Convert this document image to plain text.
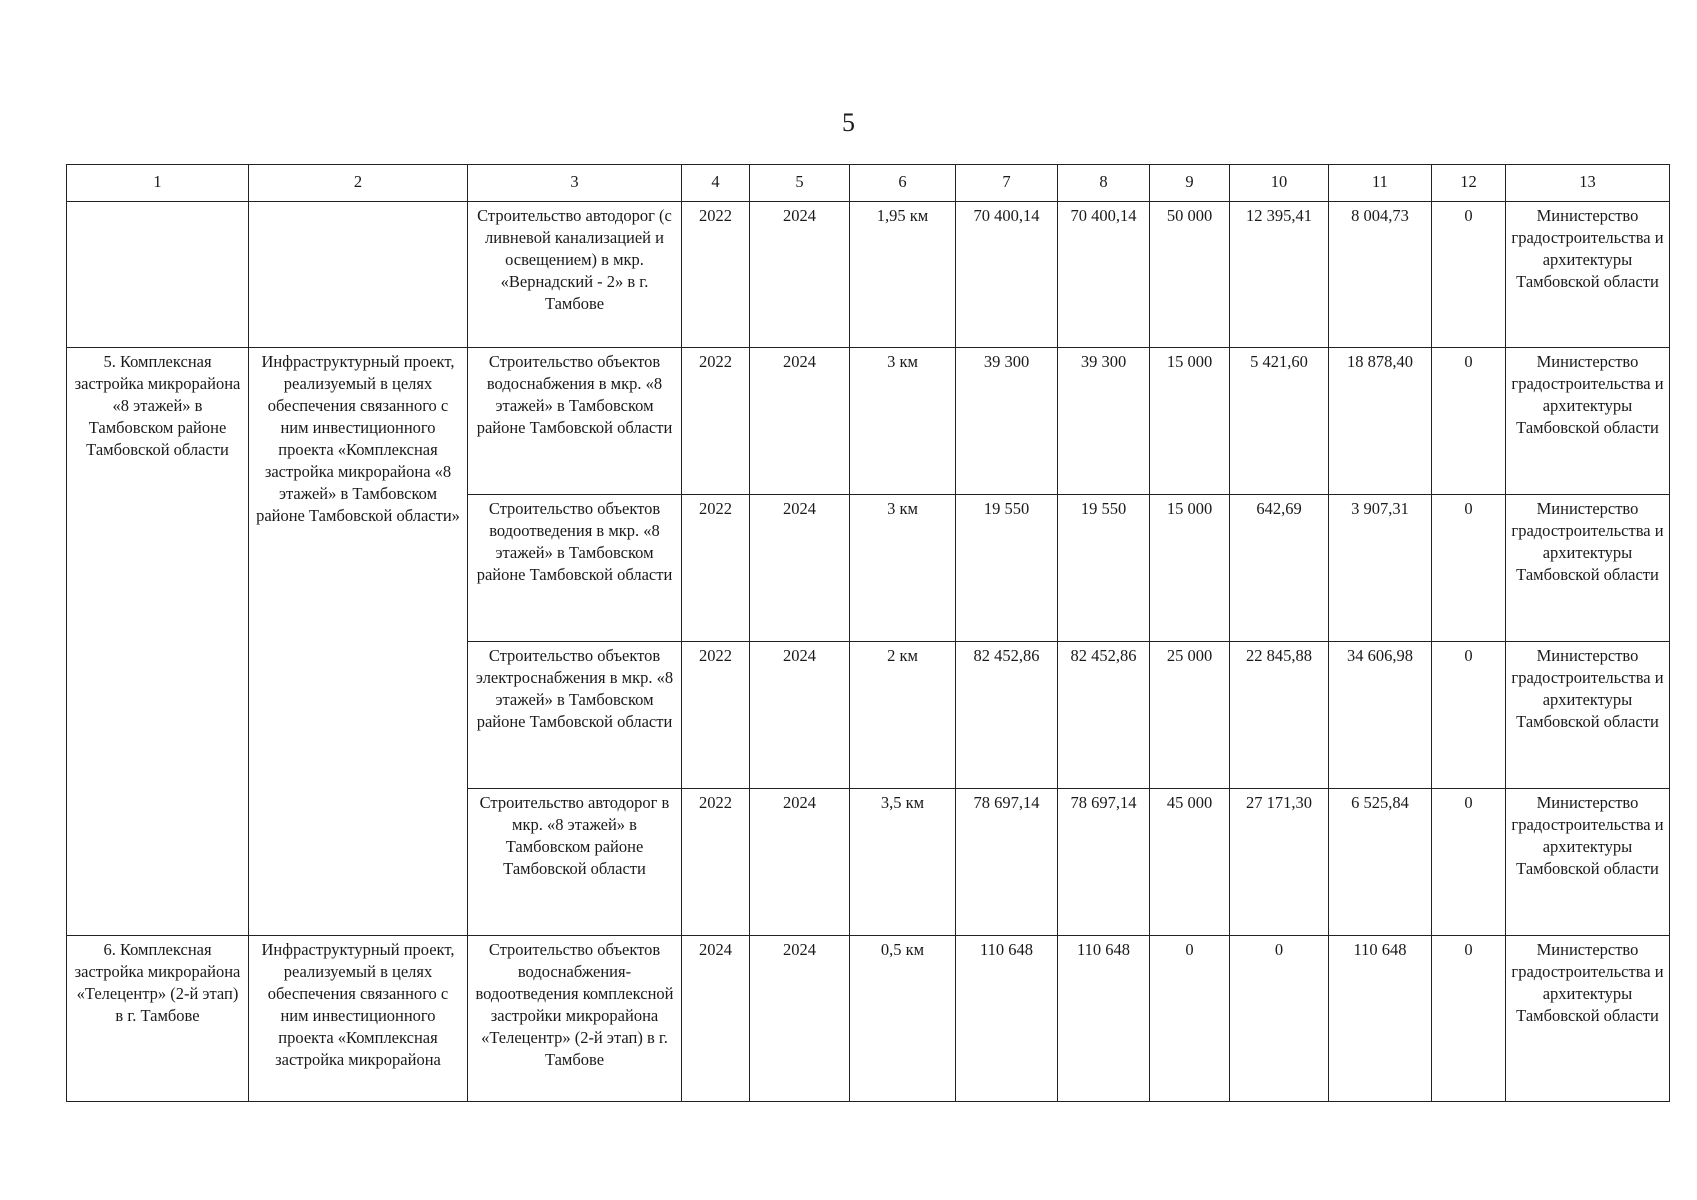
5
1	2	3	4	5	6	7	8	9	10	11	12	13
		Строительство автодорог (с ливневой канализацией и освещением) в мкр. «Вернадский - 2» в г. Тамбове	2022	2024	1,95 км	70 400,14	70 400,14	50 000	12 395,41	8 004,73	0	Министерство градостроительства и архитектуры Тамбовской области
5. Комплексная застройка микрорайона «8 этажей» в Тамбовском районе Тамбовской области	Инфраструктурный проект, реализуемый в целях обеспечения связанного с ним инвестиционного проекта «Комплексная застройка микрорайона «8 этажей» в Тамбовском районе Тамбовской области»	Строительство объектов водоснабжения в мкр. «8 этажей» в Тамбовском районе Тамбовской области	2022	2024	3 км	39 300	39 300	15 000	5 421,60	18 878,40	0	Министерство градостроительства и архитектуры Тамбовской области
		Строительство объектов водоотведения в мкр. «8 этажей» в Тамбовском районе Тамбовской области	2022	2024	3 км	19 550	19 550	15 000	642,69	3 907,31	0	Министерство градостроительства и архитектуры Тамбовской области
		Строительство объектов электроснабжения в мкр. «8 этажей» в Тамбовском районе Тамбовской области	2022	2024	2 км	82 452,86	82 452,86	25 000	22 845,88	34 606,98	0	Министерство градостроительства и архитектуры Тамбовской области
		Строительство автодорог в мкр. «8 этажей» в Тамбовском районе Тамбовской области	2022	2024	3,5 км	78 697,14	78 697,14	45 000	27 171,30	6 525,84	0	Министерство градостроительства и архитектуры Тамбовской области
6. Комплексная застройка микрорайона «Телецентр» (2-й этап) в г. Тамбове	Инфраструктурный проект, реализуемый в целях обеспечения связанного с ним инвестиционного проекта «Комплексная застройка микрорайона	Строительство объектов водоснабжения-водоотведения комплексной застройки микрорайона «Телецентр» (2-й этап) в г. Тамбове	2024	2024	0,5 км	110 648	110 648	0	0	110 648	0	Министерство градостроительства и архитектуры Тамбовской области
